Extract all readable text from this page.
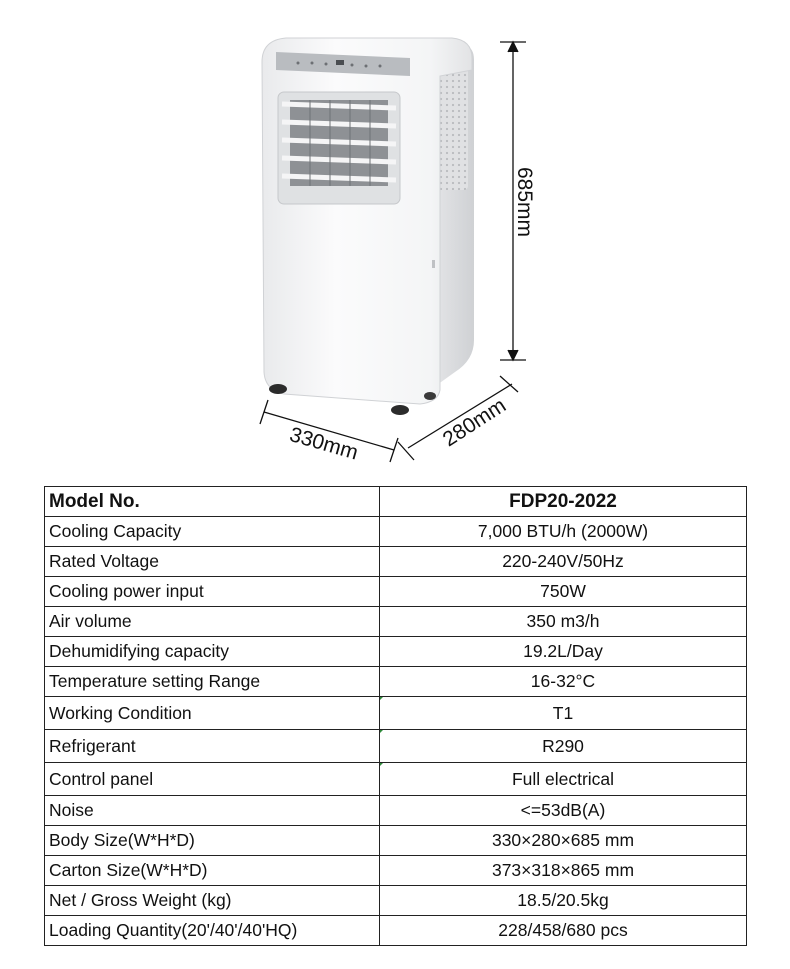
685mm
330mm	280mm
Model No.	FDP20-2022
Cooling Capacity	7,000 BTU/h (2000W)
Rated Voltage	220-240V/50Hz
Cooling power input	750W
Air volume	350 m3/h
Dehumidifying capacity	19.2L/Day
Temperature setting Range	16-32°C
Working Condition	T1
Refrigerant	R290
Control panel	Full electrical
Noise	<=53dB(A)
Body Size(W*H*D)	330×280×685 mm
Carton Size(W*H*D)	373×318×865 mm
Net / Gross Weight (kg)	18.5/20.5kg
Loading Quantity(20'/40'/40'HQ)	228/458/680 pcs
